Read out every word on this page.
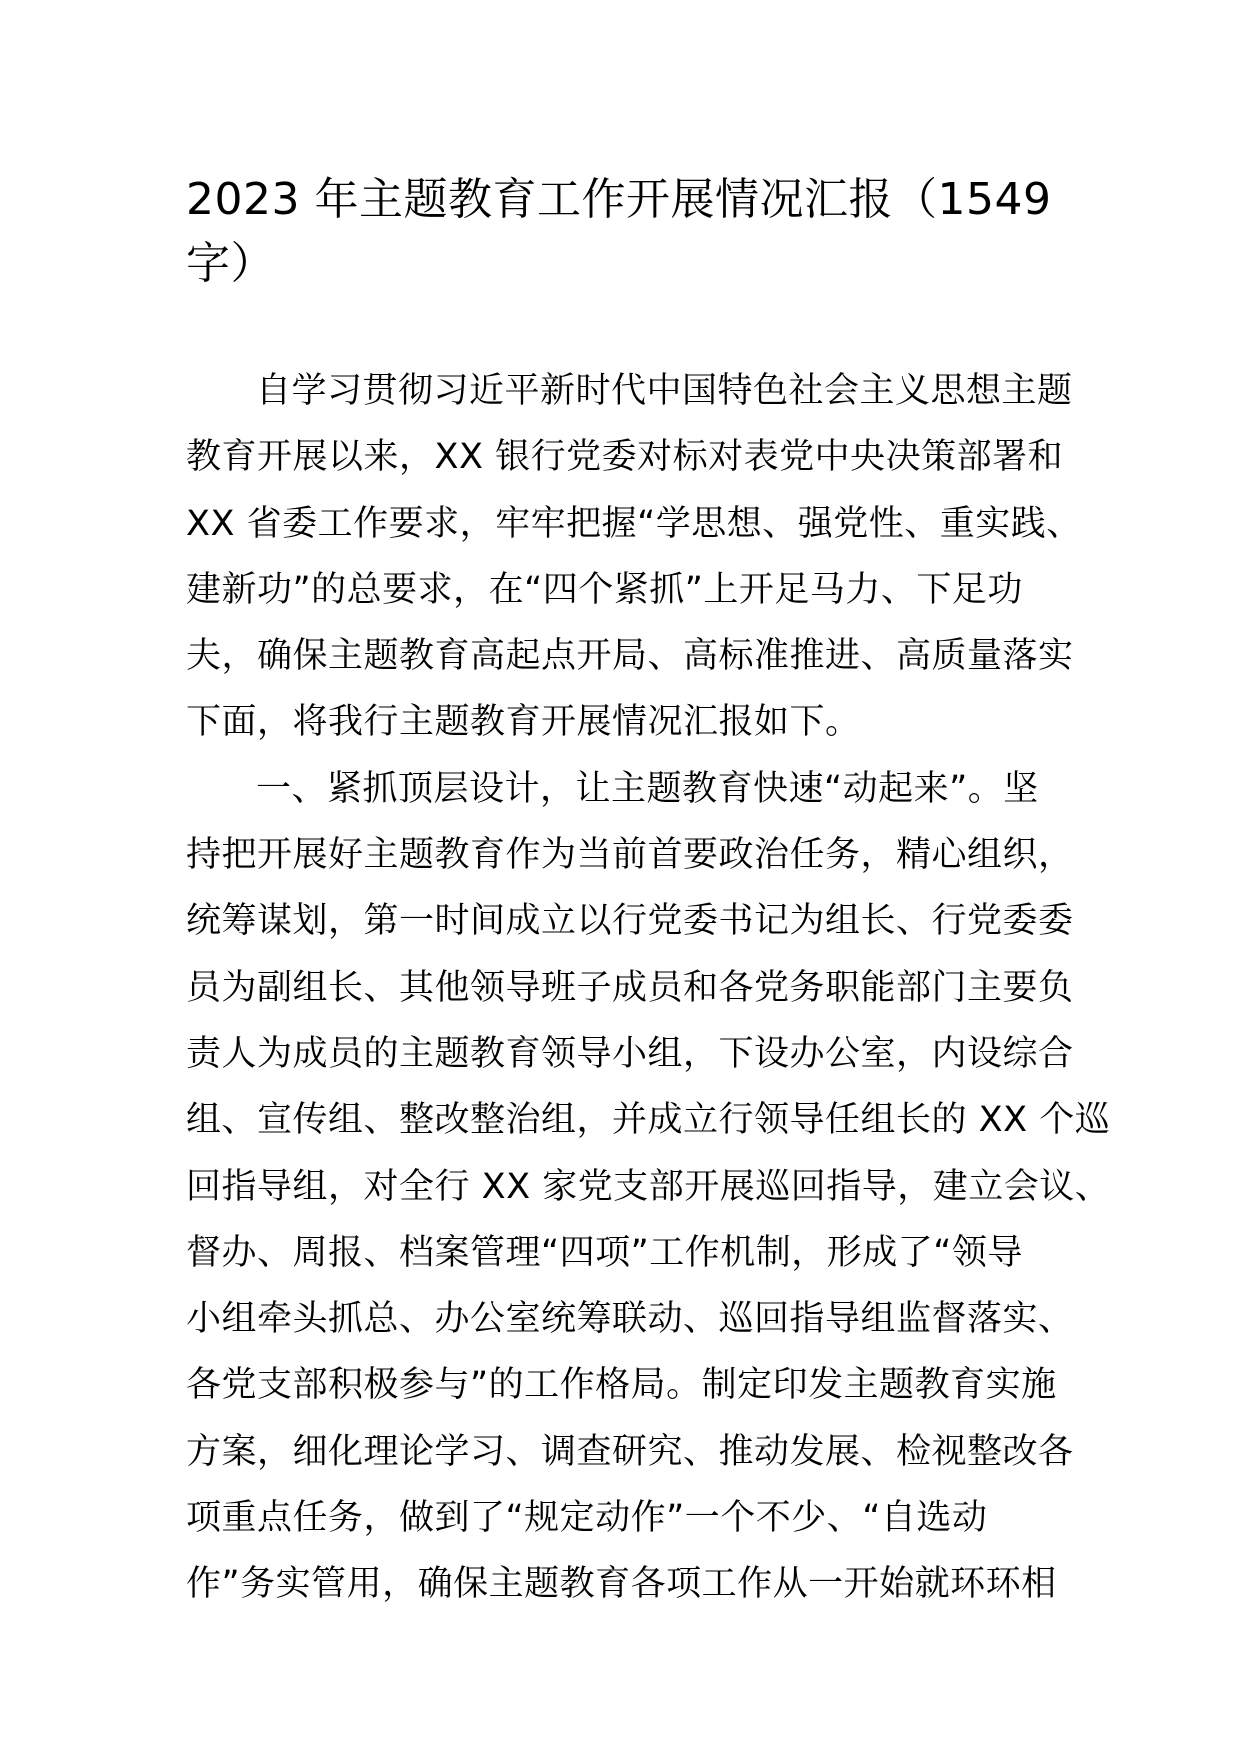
2023 年主题教育工作开展情况汇报（1549
字）
自学习贯彻习近平新时代中国特色社会主义思想主题
教育开展以来，XX 银行党委对标对表党中央决策部署和
XX 省委工作要求，牢牢把握“学思想、强党性、重实践、
建新功”的总要求，在“四个紧抓”上开足马力、下足功
夫，确保主题教育高起点开局、高标准推进、高质量落实
下面，将我行主题教育开展情况汇报如下。
一、紧抓顶层设计，让主题教育快速“动起来”。坚
持把开展好主题教育作为当前首要政治任务，精心组织，
统筹谋划，第一时间成立以行党委书记为组长、行党委委
员为副组长、其他领导班子成员和各党务职能部门主要负
责人为成员的主题教育领导小组，下设办公室，内设综合
组、宣传组、整改整治组，并成立行领导任组长的 XX 个巡
回指导组，对全行 XX 家党支部开展巡回指导，建立会议、
督办、周报、档案管理“四项”工作机制，形成了“领导
小组牵头抓总、办公室统筹联动、巡回指导组监督落实、
各党支部积极参与”的工作格局。制定印发主题教育实施
方案，细化理论学习、调查研究、推动发展、检视整改各
项重点任务，做到了“规定动作”一个不少、“自选动
作”务实管用，确保主题教育各项工作从一开始就环环相
